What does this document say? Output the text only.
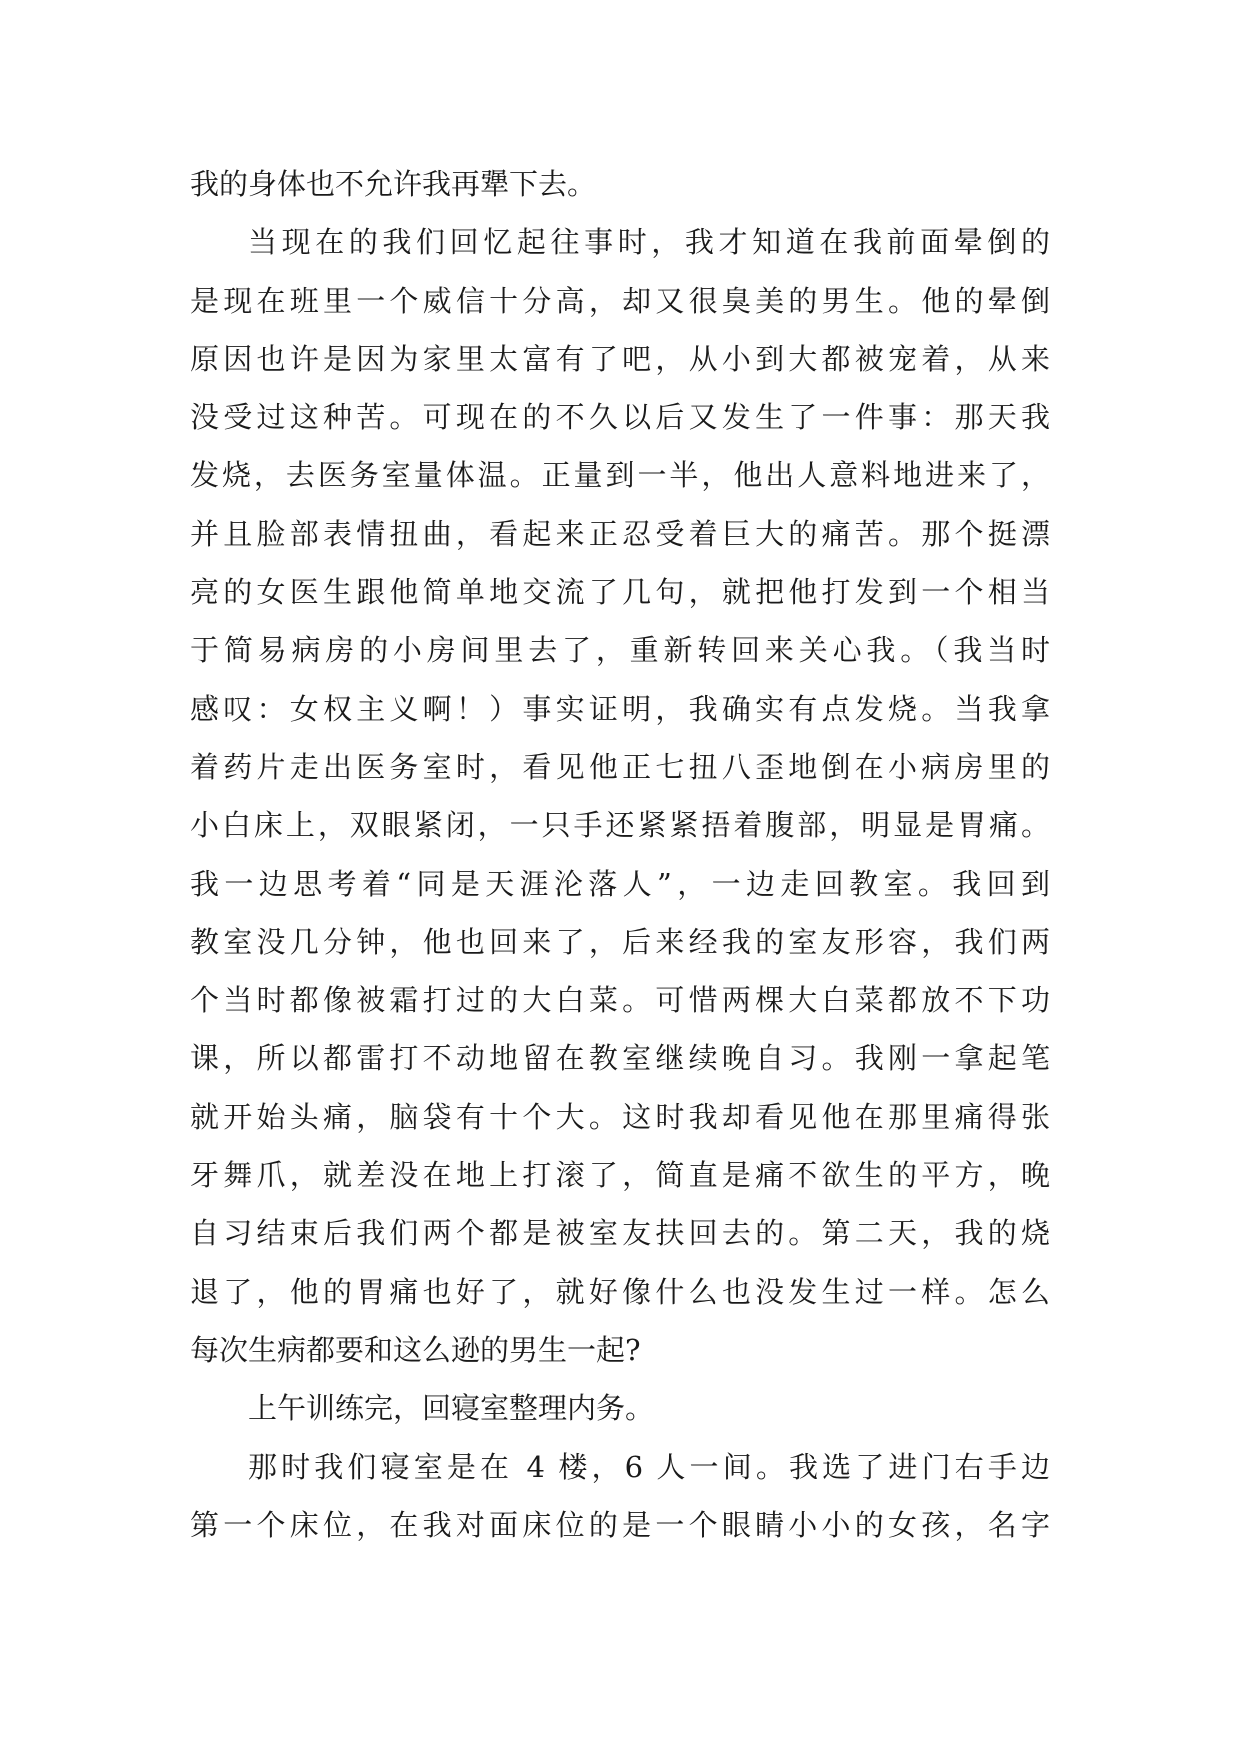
我的身体也不允许我再犟下去。
当现在的我们回忆起往事时，我才知道在我前面晕倒的
是现在班里一个威信十分高，却又很臭美的男生。他的晕倒
原因也许是因为家里太富有了吧，从小到大都被宠着，从来
没受过这种苦。可现在的不久以后又发生了一件事：那天我
发烧，去医务室量体温。正量到一半，他出人意料地进来了，
并且脸部表情扭曲，看起来正忍受着巨大的痛苦。那个挺漂
亮的女医生跟他简单地交流了几句，就把他打发到一个相当
于简易病房的小房间里去了，重新转回来关心我。（我当时
感叹：女权主义啊！）事实证明，我确实有点发烧。当我拿
着药片走出医务室时，看见他正七扭八歪地倒在小病房里的
小白床上，双眼紧闭，一只手还紧紧捂着腹部，明显是胃痛。
我一边思考着“同是天涯沦落人”，一边走回教室。我回到
教室没几分钟，他也回来了，后来经我的室友形容，我们两
个当时都像被霜打过的大白菜。可惜两棵大白菜都放不下功
课，所以都雷打不动地留在教室继续晚自习。我刚一拿起笔
就开始头痛，脑袋有十个大。这时我却看见他在那里痛得张
牙舞爪，就差没在地上打滚了，简直是痛不欲生的平方，晚
自习结束后我们两个都是被室友扶回去的。第二天，我的烧
退了，他的胃痛也好了，就好像什么也没发生过一样。怎么
每次生病都要和这么逊的男生一起?
上午训练完，回寝室整理内务。
那时我们寝室是在 4 楼，6 人一间。我选了进门右手边
第一个床位，在我对面床位的是一个眼睛小小的女孩，名字
